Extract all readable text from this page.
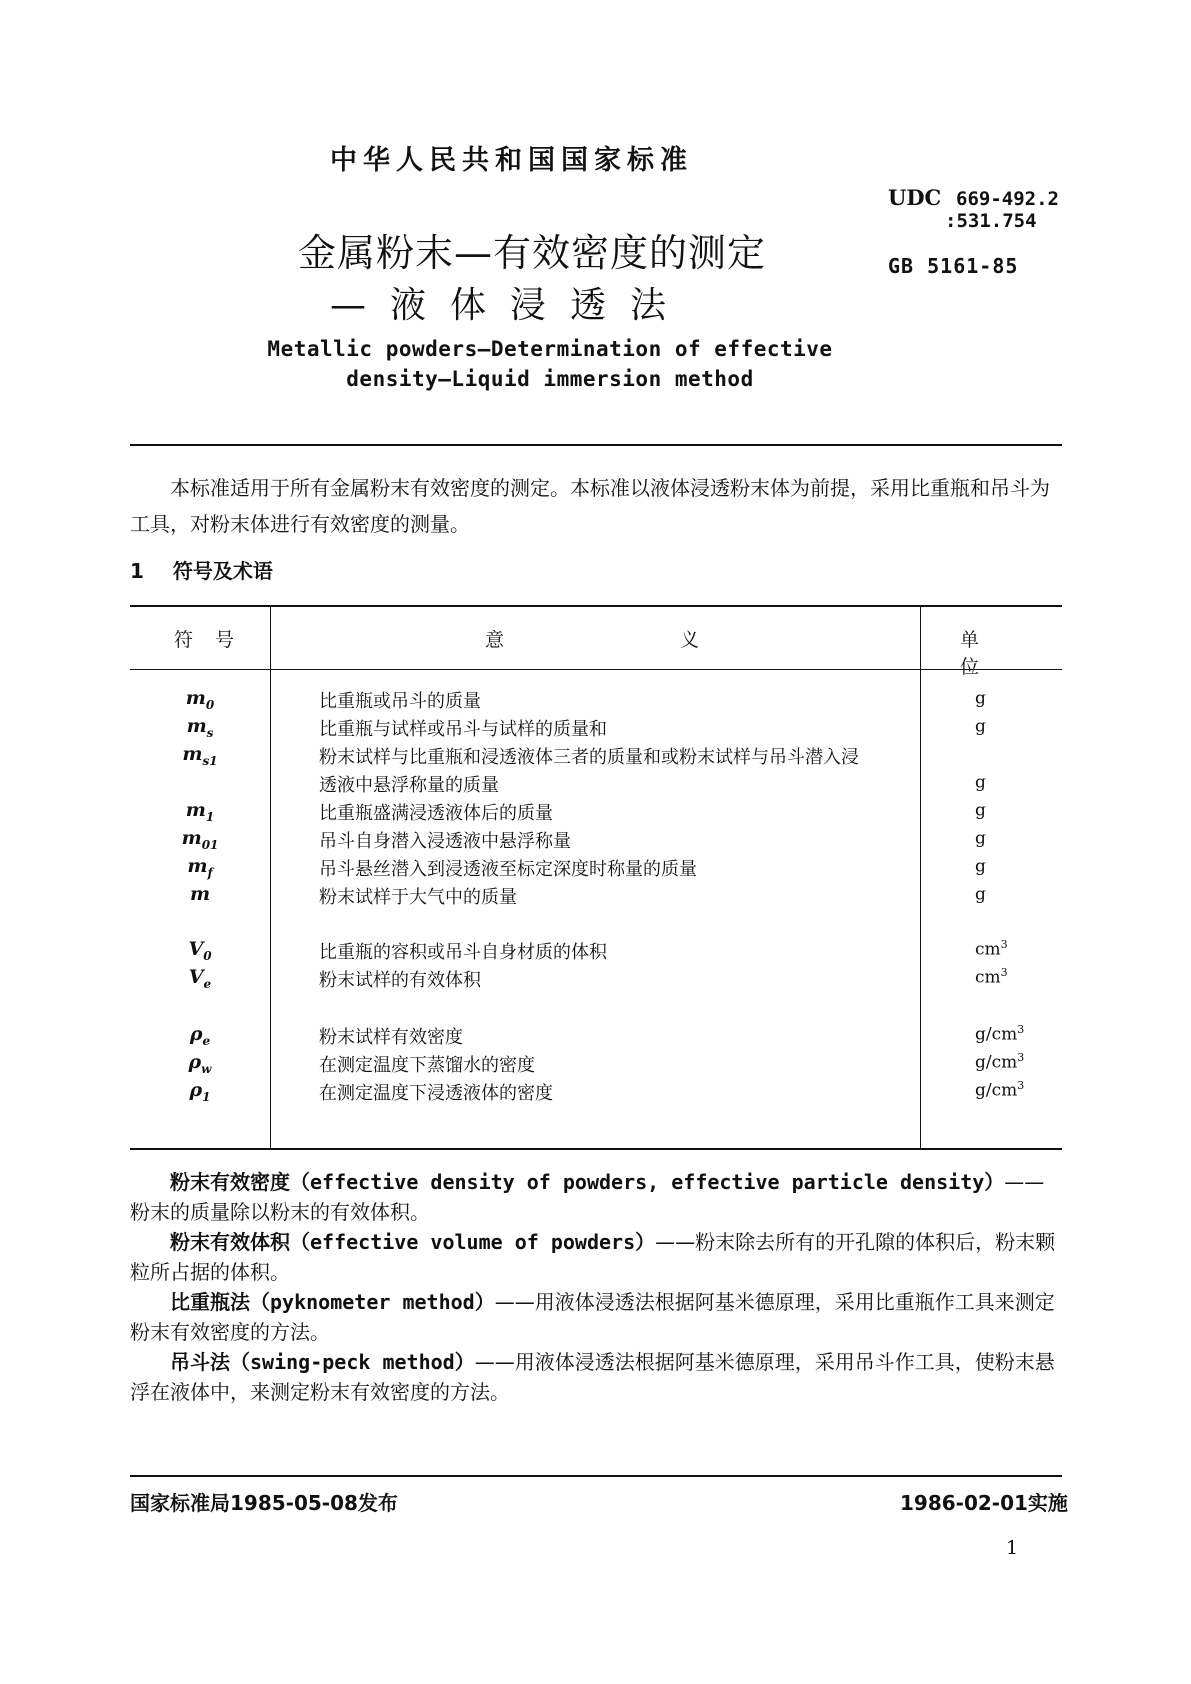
中华人民共和国国家标准
UDC 669-492.2
:531.754
GB 5161-85
金属粉末—有效密度的测定
—液体浸透法
Metallic powders—Determination of effective
density—Liquid immersion method
本标准适用于所有金属粉末有效密度的测定。本标准以液体浸透粉末体为前提，采用比重瓶和吊斗为工具，对粉末体进行有效密度的测量。
1 符号及术语
符号	意义	单位
$m_0$	比重瓶或吊斗的质量	g
$m_s$	比重瓶与试样或吊斗与试样的质量和	g
$m_{s1}$	粉末试样与比重瓶和浸透液体三者的质量和或粉末试样与吊斗潜入浸
透液中悬浮称量的质量	g
$m_1$	比重瓶盛满浸透液体后的质量	g
$m_{01}$	吊斗自身潜入浸透液中悬浮称量	g
$m_f$	吊斗悬丝潜入到浸透液至标定深度时称量的质量	g
m	粉末试样于大气中的质量	g
$V_0$	比重瓶的容积或吊斗自身材质的体积	$cm^3$
$V_e$	粉末试样的有效体积	$cm^3$
$\rho_e$	粉末试样有效密度	$g/cm^3$
$\rho_w$	在测定温度下蒸馏水的密度	$g/cm^3$
$\rho_1$	在测定温度下浸透液体的密度	$g/cm^3$

粉末有效密度（effective density of powders, effective particle density）——粉末的质量除以粉末的有效体积。

粉末有效体积（effective volume of powders）——粉末除去所有的开孔隙的体积后，粉末颗粒所占据的体积。

比重瓶法（pyknometer method）——用液体浸透法根据阿基米德原理，采用比重瓶作工具来测定粉末有效密度的方法。

吊斗法（swing-peck method）——用液体浸透法根据阿基米德原理，采用吊斗作工具，使粉末悬浮在液体中，来测定粉末有效密度的方法。

国家标准局1985-05-08发布	1986-02-01实施
1
